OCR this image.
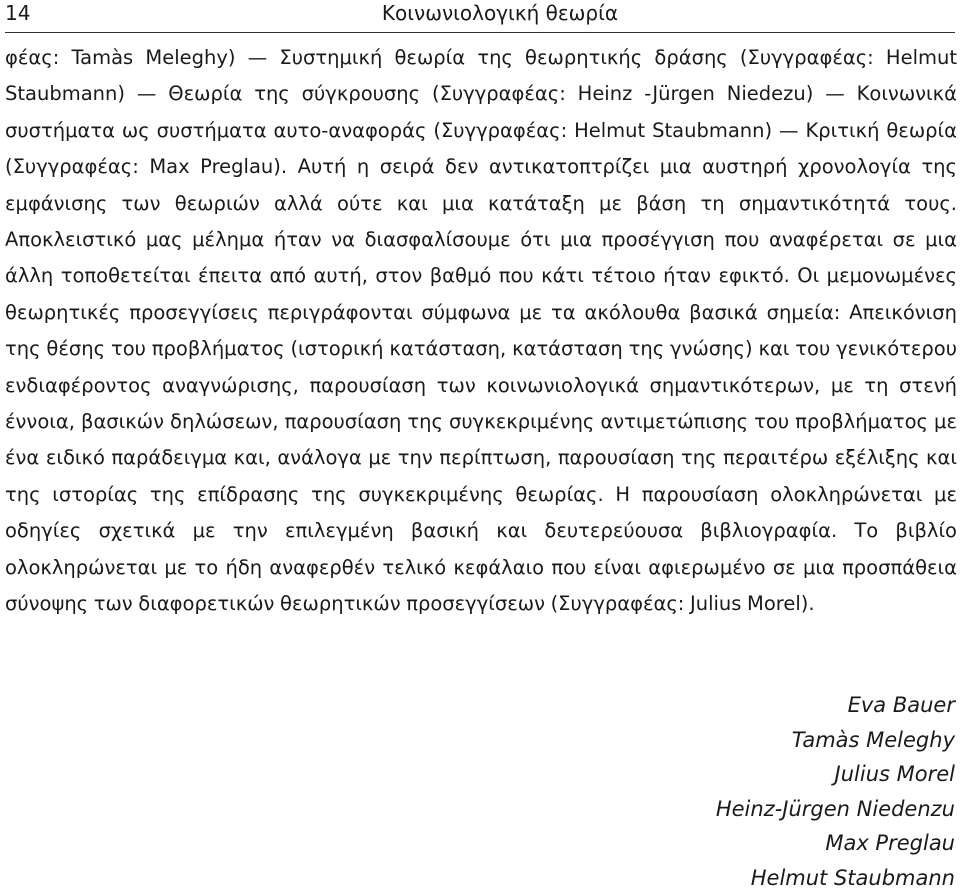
14	Κοινωνιολογική θεωρία

φέας: Tamàs Meleghy) — Συστημική θεωρία της θεωρητικής δράσης (Συγγραφέας: Helmut Staubmann) — Θεωρία της σύγκρουσης (Συγγραφέας: Heinz -Jürgen Niedezu) — Κοινωνικά συστήματα ως συστήματα αυτο-αναφοράς (Συγγραφέας: Helmut Staubmann) — Κριτική θεωρία (Συγγραφέας: Max Preglau). Αυτή η σειρά δεν αντικατοπτρίζει μια αυστηρή χρονολογία της εμφάνισης των θεωριών αλλά ούτε και μια κατάταξη με βάση τη σημαντικότητά τους. Αποκλειστικό μας μέλημα ήταν να διασφαλίσουμε ότι μια προσέγγιση που αναφέρεται σε μια άλλη τοποθετείται έπειτα από αυτή, στον βαθμό που κάτι τέτοιο ήταν εφικτό. Οι μεμονωμένες θεωρητικές προσεγγίσεις περιγράφονται σύμφωνα με τα ακόλουθα βασικά σημεία: Απεικόνιση της θέσης του προβλήματος (ιστορική κατάσταση, κατάσταση της γνώσης) και του γενικότερου ενδιαφέροντος αναγνώρισης, παρουσίαση των κοινωνιολογικά σημαντικότερων, με τη στενή έννοια, βασικών δηλώσεων, παρουσίαση της συγκεκριμένης αντιμετώπισης του προβλήματος με ένα ειδικό παράδειγμα και, ανάλογα με την περίπτωση, παρουσίαση της περαιτέρω εξέλιξης και της ιστορίας της επίδρασης της συγκεκριμένης θεωρίας. Η παρουσίαση ολοκληρώνεται με οδηγίες σχετικά με την επιλεγμένη βασική και δευτερεύουσα βιβλιογραφία. Το βιβλίο ολοκληρώνεται με το ήδη αναφερθέν τελικό κεφάλαιο που είναι αφιερωμένο σε μια προσπάθεια σύνοψης των διαφορετικών θεωρητικών προσεγγίσεων (Συγγραφέας: Julius Morel).

Eva Bauer
Tamàs Meleghy
Julius Morel
Heinz-Jürgen Niedenzu
Max Preglau
Helmut Staubmann
